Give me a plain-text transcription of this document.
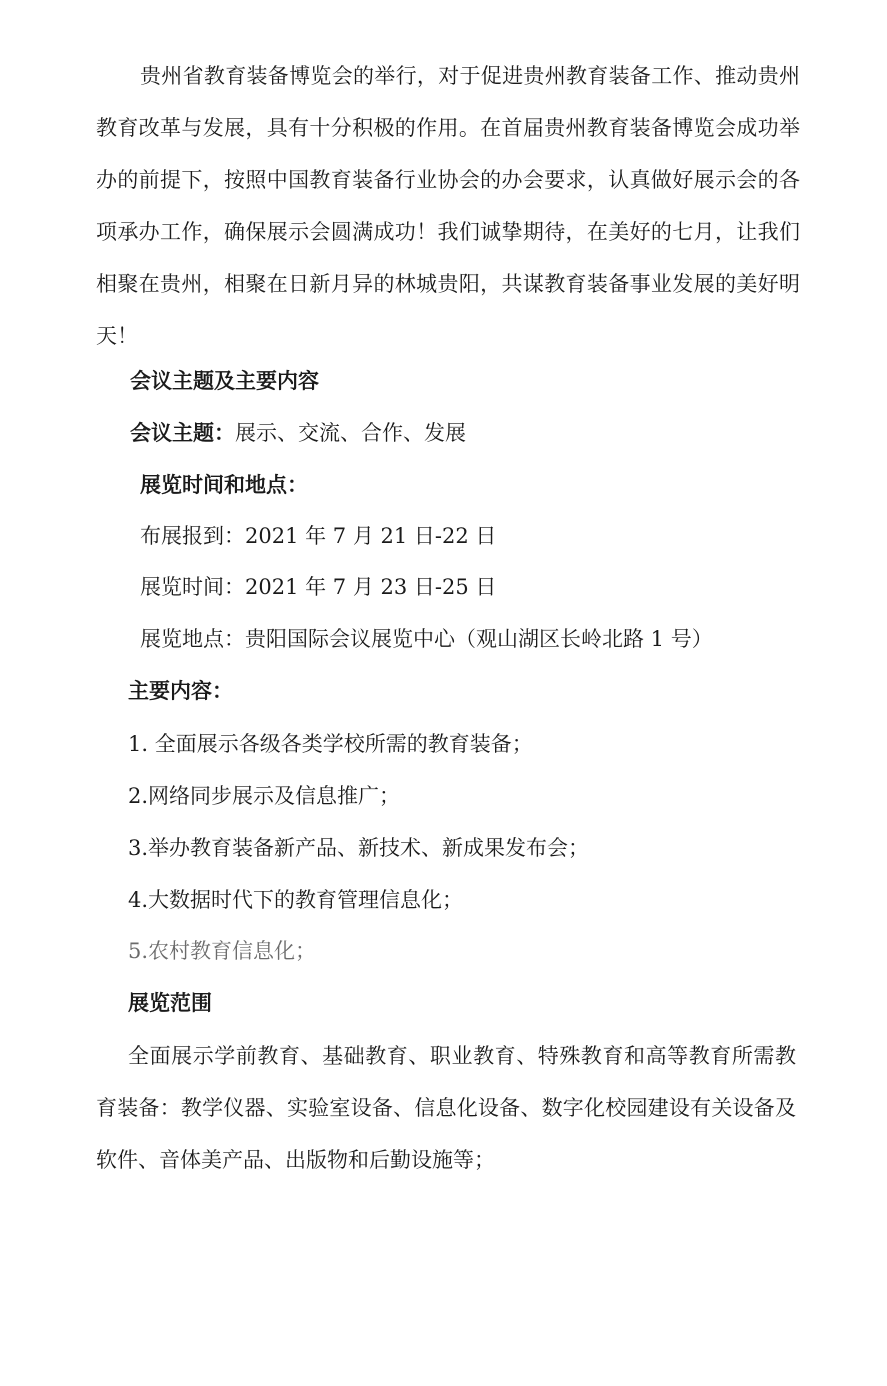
贵州省教育装备博览会的举行，对于促进贵州教育装备工作、推动贵州教育改革与发展，具有十分积极的作用。在首届贵州教育装备博览会成功举办的前提下，按照中国教育装备行业协会的办会要求，认真做好展示会的各项承办工作，确保展示会圆满成功！我们诚挚期待，在美好的七月，让我们相聚在贵州，相聚在日新月异的林城贵阳，共谋教育装备事业发展的美好明天！

会议主题及主要内容

会议主题：展示、交流、合作、发展

展览时间和地点：

布展报到：2021 年 7 月 21 日-22 日

展览时间：2021 年 7 月 23 日-25 日

展览地点：贵阳国际会议展览中心（观山湖区长岭北路 1 号）

主要内容：

1. 全面展示各级各类学校所需的教育装备；

2.网络同步展示及信息推广；

3.举办教育装备新产品、新技术、新成果发布会；

4.大数据时代下的教育管理信息化；

5.农村教育信息化；

展览范围

全面展示学前教育、基础教育、职业教育、特殊教育和高等教育所需教育装备：教学仪器、实验室设备、信息化设备、数字化校园建设有关设备及软件、音体美产品、出版物和后勤设施等；
